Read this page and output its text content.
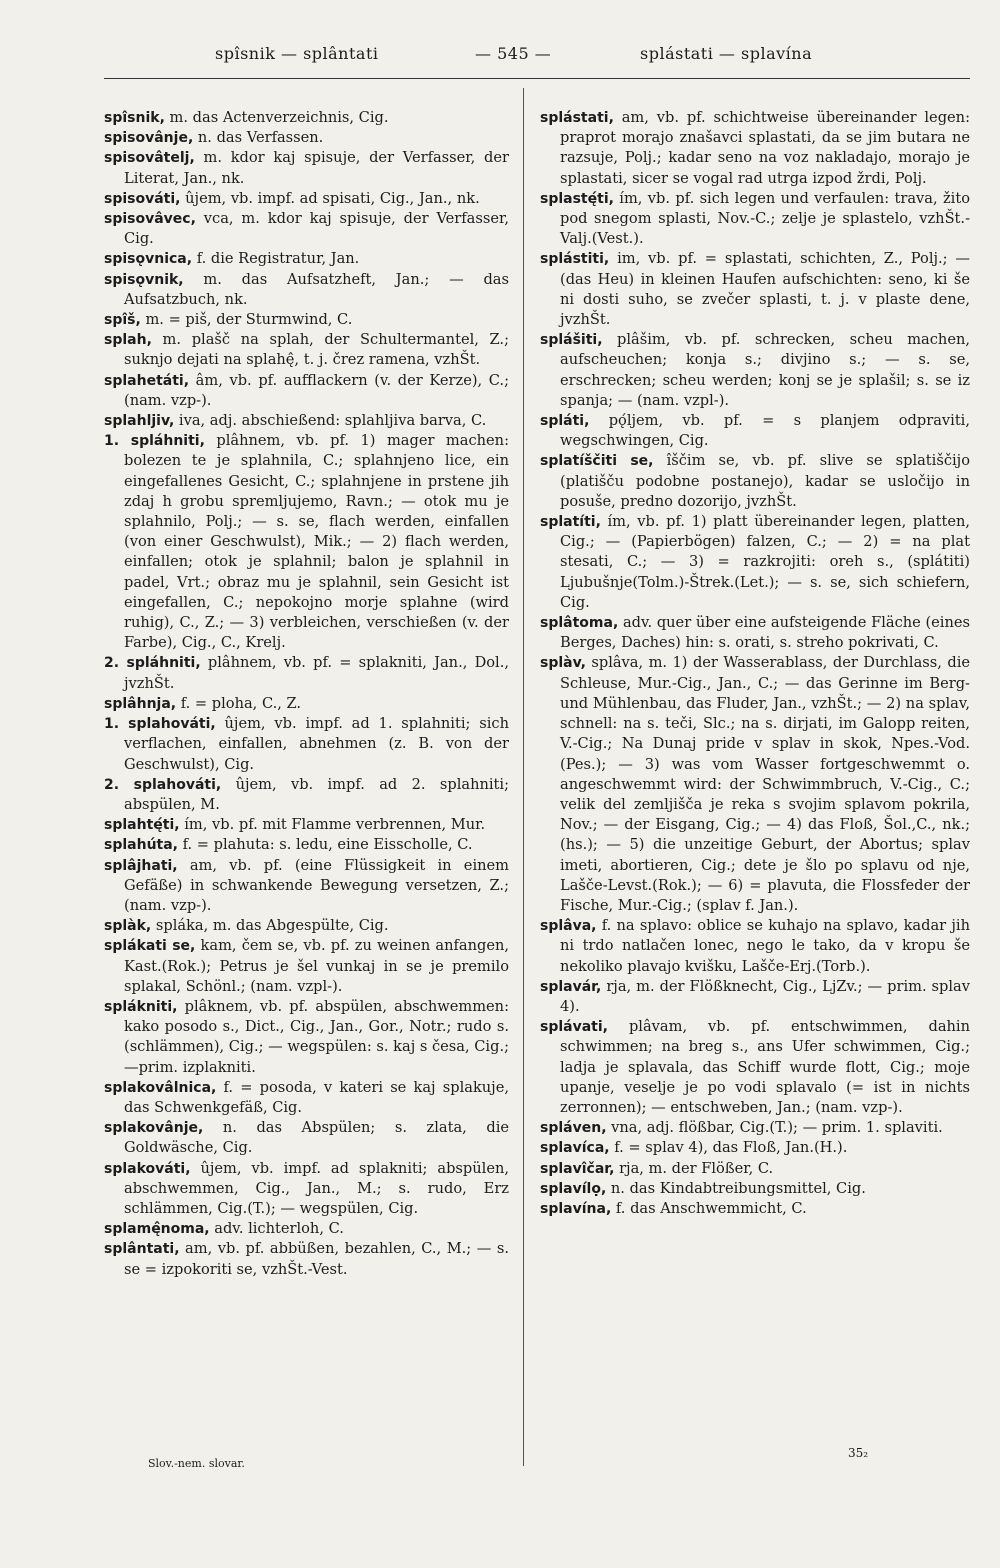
spîsnik — splântati	— 545 —	splástati — splavína

spîsnik, m. das Actenverzeichnis, Cig.

spisovânje, n. das Verfassen.

spisovâtelj, m. kdor kaj spisuje, der Verfasser, der Literat, Jan., nk.

spisováti, ûjem, vb. impf. ad spisati, Cig., Jan., nk.

spisovâvec, vca, m. kdor kaj spisuje, der Verfasser, Cig.

spisǫvnica, f. die Registratur, Jan.

spisǫvnik, m. das Aufsatzheft, Jan.; — das Aufsatzbuch, nk.

spîš, m. = piš, der Sturmwind, C.

splah, m. plašč na splah, der Schultermantel, Z.; suknjo dejati na splahę̂, t. j. črez ramena, vzhŠt.

splahetáti, âm, vb. pf. aufflackern (v. der Kerze), C.; (nam. vzp-).

splahljiv, iva, adj. abschießend: splahljiva barva, C.

1. spláhniti, plâhnem, vb. pf. 1) mager machen: bolezen te je splahnila, C.; splahnjeno lice, ein eingefallenes Gesicht, C.; splahnjene in prstene jih zdaj h grobu spremljujemo, Ravn.; — otok mu je splahnilo, Polj.; — s. se, flach werden, einfallen (von einer Geschwulst), Mik.; — 2) flach werden, einfallen; otok je splahnil; balon je splahnil in padel, Vrt.; obraz mu je splahnil, sein Gesicht ist eingefallen, C.; nepokojno morje splahne (wird ruhig), C., Z.; — 3) verbleichen, verschießen (v. der Farbe), Cig., C., Krelj.

2. spláhniti, plâhnem, vb. pf. = splakniti, Jan., Dol., jvzhŠt.

splâhnja, f. = ploha, C., Z.

1. splahováti, ûjem, vb. impf. ad 1. splahniti; sich verflachen, einfallen, abnehmen (z. B. von der Geschwulst), Cig.

2. splahováti, ûjem, vb. impf. ad 2. splahniti; abspülen, M.

splahtę́ti, ím, vb. pf. mit Flamme verbrennen, Mur.

splahúta, f. = plahuta: s. ledu, eine Eisscholle, C.

splâjhati, am, vb. pf. (eine Flüssigkeit in einem Gefäße) in schwankende Bewegung versetzen, Z.; (nam. vzp-).

splàk, spláka, m. das Abgespülte, Cig.

splákati se, kam, čem se, vb. pf. zu weinen anfangen, Kast.(Rok.); Petrus je šel vunkaj in se je premilo splakal, Schönl.; (nam. vzpl-).

splákniti, plâknem, vb. pf. abspülen, abschwemmen: kako posodo s., Dict., Cig., Jan., Gor., Notr.; rudo s. (schlämmen), Cig.; — wegspülen: s. kaj s česa, Cig.;—prim. izplakniti.

splakovâlnica, f. = posoda, v kateri se kaj splakuje, das Schwenkgefäß, Cig.

splakovânje, n. das Abspülen; s. zlata, die Goldwäsche, Cig.

splakováti, ûjem, vb. impf. ad splakniti; abspülen, abschwemmen, Cig., Jan., M.; s. rudo, Erz schlämmen, Cig.(T.); — wegspülen, Cig.

splamę̂noma, adv. lichterloh, C.

splântati, am, vb. pf. abbüßen, bezahlen, C., M.; — s. se = izpokoriti se, vzhŠt.-Vest.

splástati, am, vb. pf. schichtweise übereinander legen: praprot morajo znašavci splastati, da se jim butara ne razsuje, Polj.; kadar seno na voz nakladajo, morajo je splastati, sicer se vogal rad utrga izpod žrdi, Polj.

splastę́ti, ím, vb. pf. sich legen und verfaulen: trava, žito pod snegom splasti, Nov.-C.; zelje je splastelo, vzhŠt.-Valj.(Vest.).

splástiti, im, vb. pf. = splastati, schichten, Z., Polj.; — (das Heu) in kleinen Haufen aufschichten: seno, ki še ni dosti suho, se zvečer splasti, t. j. v plaste dene, jvzhŠt.

splášiti, plâšim, vb. pf. schrecken, scheu machen, aufscheuchen; konja s.; divjino s.; — s. se, erschrecken; scheu werden; konj se je splašil; s. se iz spanja; — (nam. vzpl-).

spláti, pǫ́ljem, vb. pf. = s planjem odpraviti, wegschwingen, Cig.

splatíščiti se, îščim se, vb. pf. slive se splatiščijo (platišču podobne postanejo), kadar se usločijo in posuše, predno dozorijo, jvzhŠt.

splatíti, ím, vb. pf. 1) platt übereinander legen, platten, Cig.; — (Papierbögen) falzen, C.; — 2) = na plat stesati, C.; — 3) = razkrojiti: oreh s., (splátiti) Ljubušnje(Tolm.)-Štrek.(Let.); — s. se, sich schiefern, Cig.

splâtoma, adv. quer über eine aufsteigende Fläche (eines Berges, Daches) hin: s. orati, s. streho pokrivati, C.

splàv, splâva, m. 1) der Wasserablass, der Durchlass, die Schleuse, Mur.-Cig., Jan., C.; — das Gerinne im Berg- und Mühlenbau, das Fluder, Jan., vzhŠt.; — 2) na splav, schnell: na s. teči, Slc.; na s. dirjati, im Galopp reiten, V.-Cig.; Na Dunaj pride v splav in skok, Npes.-Vod.(Pes.); — 3) was vom Wasser fortgeschwemmt o. angeschwemmt wird: der Schwimmbruch, V.-Cig., C.; velik del zemljišča je reka s svojim splavom pokrila, Nov.; — der Eisgang, Cig.; — 4) das Floß, Šol.,C., nk.; (hs.); — 5) die unzeitige Geburt, der Abortus; splav imeti, abortieren, Cig.; dete je šlo po splavu od nje, Lašče-Levst.(Rok.); — 6) = plavuta, die Flossfeder der Fische, Mur.-Cig.; (splav f. Jan.).

splâva, f. na splavo: oblice se kuhajo na splavo, kadar jih ni trdo natlačen lonec, nego le tako, da v kropu še nekoliko plavajo kvišku, Lašče-Erj.(Torb.).

splavár, rja, m. der Flößknecht, Cig., LjZv.; — prim. splav 4).

splávati, plâvam, vb. pf. entschwimmen, dahin schwimmen; na breg s., ans Ufer schwimmen, Cig.; ladja je splavala, das Schiff wurde flott, Cig.; moje upanje, veselje je po vodi splavalo (= ist in nichts zerronnen); — entschweben, Jan.; (nam. vzp-).

spláven, vna, adj. flößbar, Cig.(T.); — prim. 1. splaviti.

splavíca, f. = splav 4), das Floß, Jan.(H.).

splavîčar, rja, m. der Flößer, C.

splavílọ, n. das Kindabtreibungsmittel, Cig.

splavína, f. das Anschwemmicht, C.

Slov.-nem. slovar.
35₂
